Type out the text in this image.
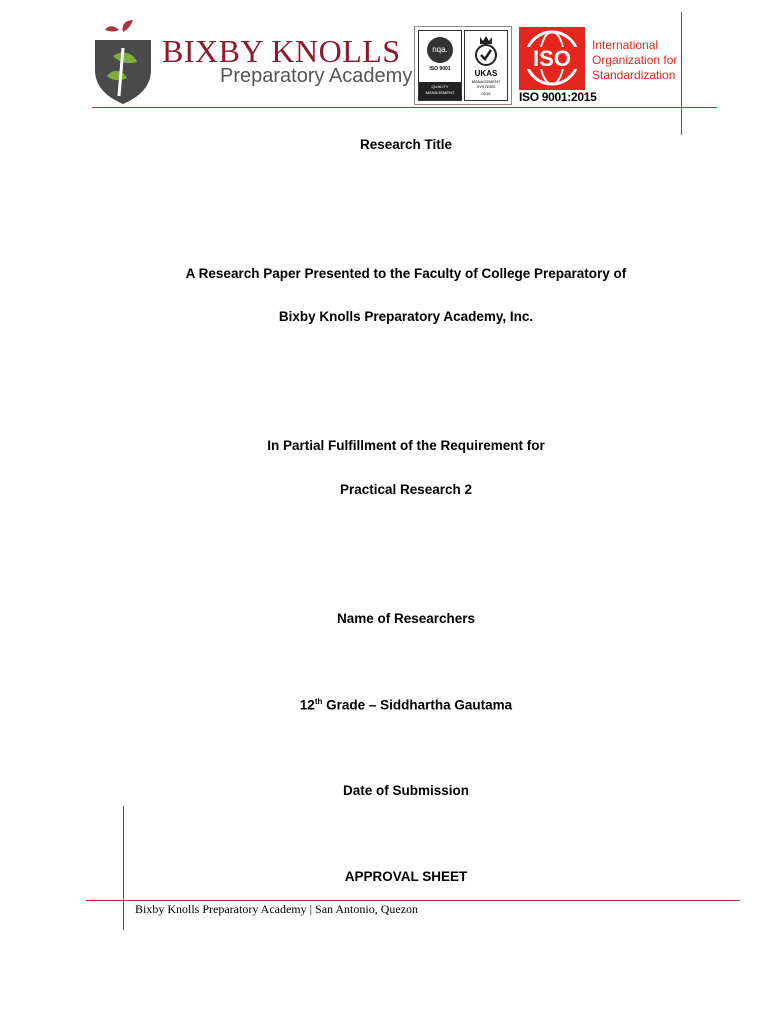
BIXBY KNOLLS
Preparatory Academy
nqa.
ISO 9001
QUALITY MANAGEMENT
UKAS
MANAGEMENT SYSTEMS
0015
ISO
ISO 9001:2015
International Organization for Standardization
Research Title
A Research Paper Presented to the Faculty of College Preparatory of
Bixby Knolls Preparatory Academy, Inc.
In Partial Fulfillment of the Requirement for
Practical Research 2
Name of Researchers
12th Grade – Siddhartha Gautama
Date of Submission
APPROVAL SHEET
Bixby Knolls Preparatory Academy | San Antonio, Quezon
